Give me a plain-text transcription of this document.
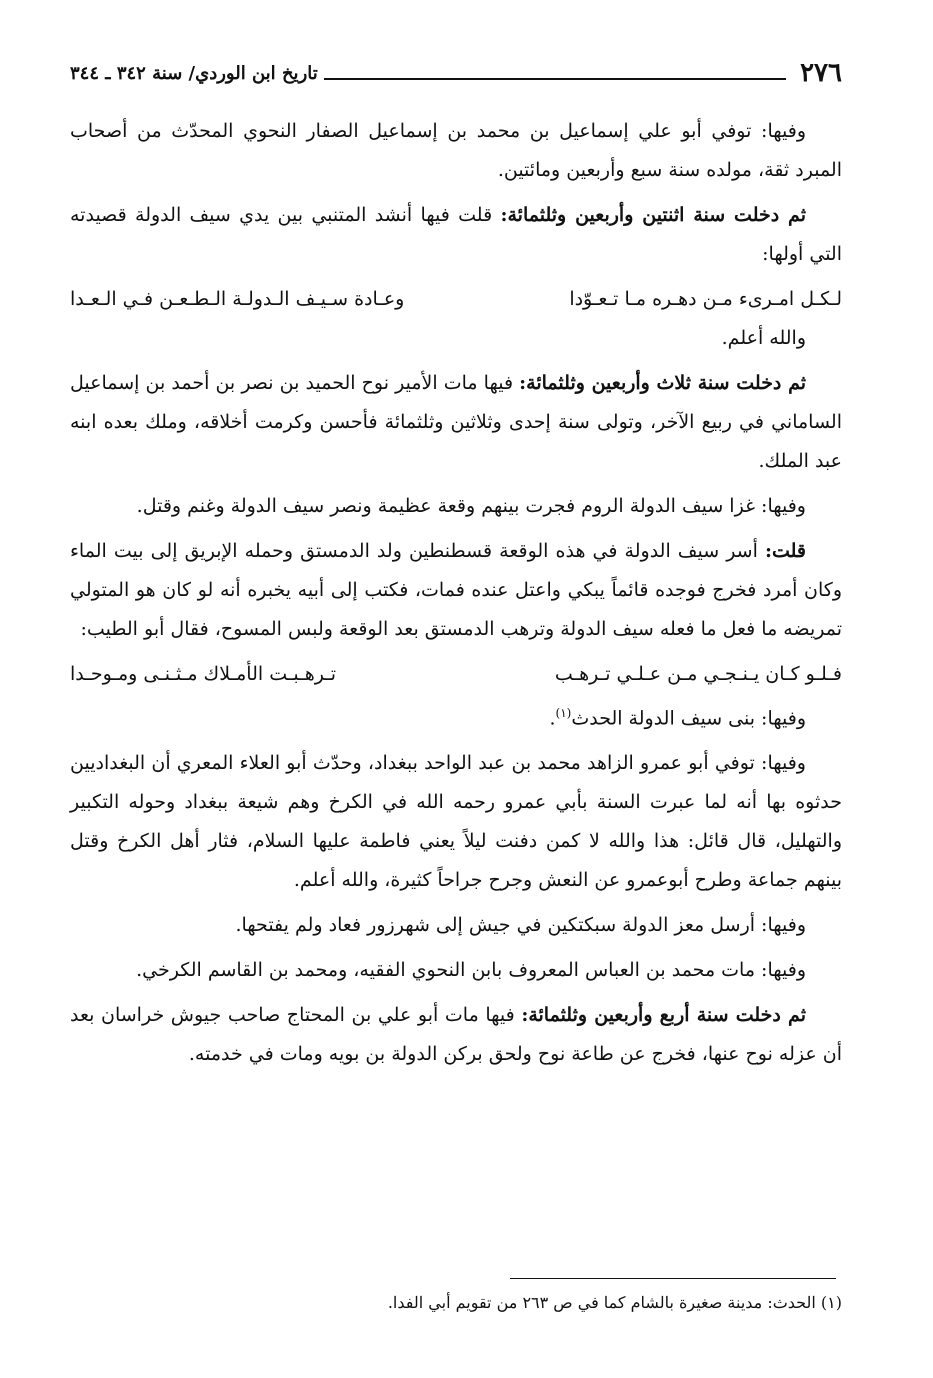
٢٧٦
تاريخ ابن الوردي/ سنة ٣٤٢ ـ ٣٤٤

وفيها: توفي أبو علي إسماعيل بن محمد بن إسماعيل الصفار النحوي المحدّث من أصحاب المبرد ثقة، مولده سنة سبع وأربعين ومائتين.

ثم دخلت سنة اثنتين وأربعين وثلثمائة: قلت فيها أنشد المتنبي بين يدي سيف الدولة قصيدته التي أولها:

لـكـل امـرىء مـن دهـره مـا تـعـوّدا
وعـادة سـيـف الـدولـة الـطـعـن فـي الـعـدا

والله أعلم.

ثم دخلت سنة ثلاث وأربعين وثلثمائة: فيها مات الأمير نوح الحميد بن نصر بن أحمد بن إسماعيل الساماني في ربيع الآخر، وتولى سنة إحدى وثلاثين وثلثمائة فأحسن وكرمت أخلاقه، وملك بعده ابنه عبد الملك.

وفيها: غزا سيف الدولة الروم فجرت بينهم وقعة عظيمة ونصر سيف الدولة وغنم وقتل.

قلت: أسر سيف الدولة في هذه الوقعة قسطنطين ولد الدمستق وحمله الإبريق إلى بيت الماء وكان أمرد فخرج فوجده قائماً يبكي واعتل عنده فمات، فكتب إلى أبيه يخبره أنه لو كان هو المتولي تمريضه ما فعل ما فعله سيف الدولة وترهب الدمستق بعد الوقعة ولبس المسوح، فقال أبو الطيب:

فـلـو كـان يـنـجـي مـن عـلـي تـرهـب
تـرهـبـت الأمـلاك مـثـنـى ومـوحـدا

وفيها: بنى سيف الدولة الحدث$^{(١)}$.

وفيها: توفي أبو عمرو الزاهد محمد بن عبد الواحد ببغداد، وحدّث أبو العلاء المعري أن البغداديين حدثوه بها أنه لما عبرت السنة بأبي عمرو رحمه الله في الكرخ وهم شيعة ببغداد وحوله التكبير والتهليل، قال قائل: هذا والله لا كمن دفنت ليلاً يعني فاطمة عليها السلام، فثار أهل الكرخ وقتل بينهم جماعة وطرح أبوعمرو عن النعش وجرح جراحاً كثيرة، والله أعلم.

وفيها: أرسل معز الدولة سبكتكين في جيش إلى شهرزور فعاد ولم يفتحها.

وفيها: مات محمد بن العباس المعروف بابن النحوي الفقيه، ومحمد بن القاسم الكرخي.

ثم دخلت سنة أربع وأربعين وثلثمائة: فيها مات أبو علي بن المحتاج صاحب جيوش خراسان بعد أن عزله نوح عنها، فخرج عن طاعة نوح ولحق بركن الدولة بن بويه ومات في خدمته.

(١) الحدث: مدينة صغيرة بالشام كما في ص ٢٦٣ من تقويم أبي الفدا.
